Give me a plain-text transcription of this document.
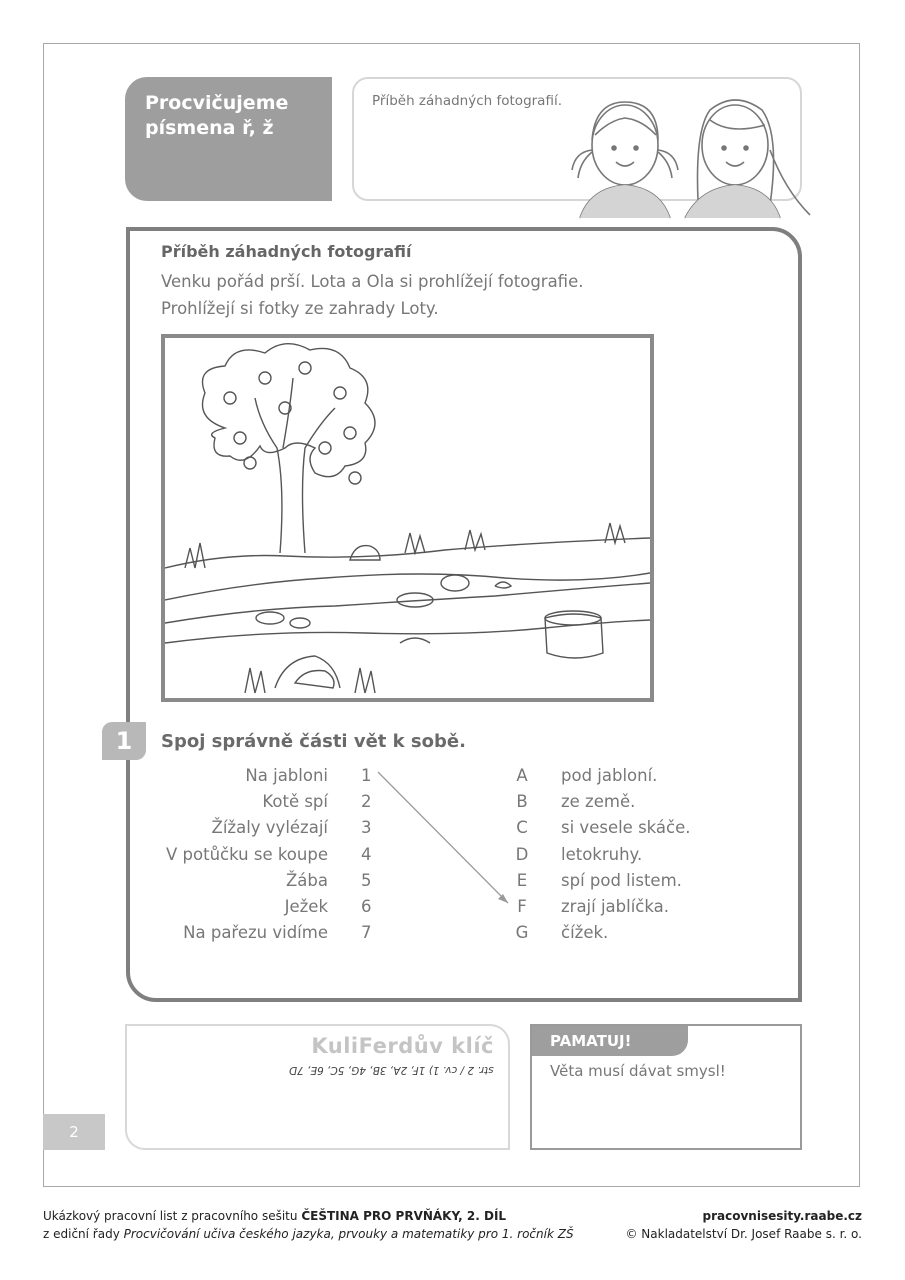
Procvičujeme písmena ř, ž
Příběh záhadných fotografií.
Příběh záhadných fotografií
Venku pořád prší. Lota a Ola si prohlížejí fotografie.
Prohlížejí si fotky ze zahrady Loty.
1	Spoj správně části vět k sobě.
Na jabloni
Kotě spí
Žížaly vylézají
V potůčku se koupe
Žába
Ježek
Na pařezu vidíme
1
2
3
4
5
6
7
A
B
C
D
E
F
G
pod jabloní.
ze země.
si vesele skáče.
letokruhy.
spí pod listem.
zrají jablíčka.
čížek.
KuliFerdův klíč
str. 2 / cv. 1) 1F, 2A, 3B, 4G, 5C, 6E, 7D
2
PAMATUJ!
Věta musí dávat smysl!
Ukázkový pracovní list z pracovního sešitu ČEŠTINA PRO PRVŇÁKY, 2. DÍL
z ediční řady Procvičování učiva českého jazyka, prvouky a matematiky pro 1. ročník ZŠ
pracovnisesity.raabe.cz
© Nakladatelství Dr. Josef Raabe s. r. o.
